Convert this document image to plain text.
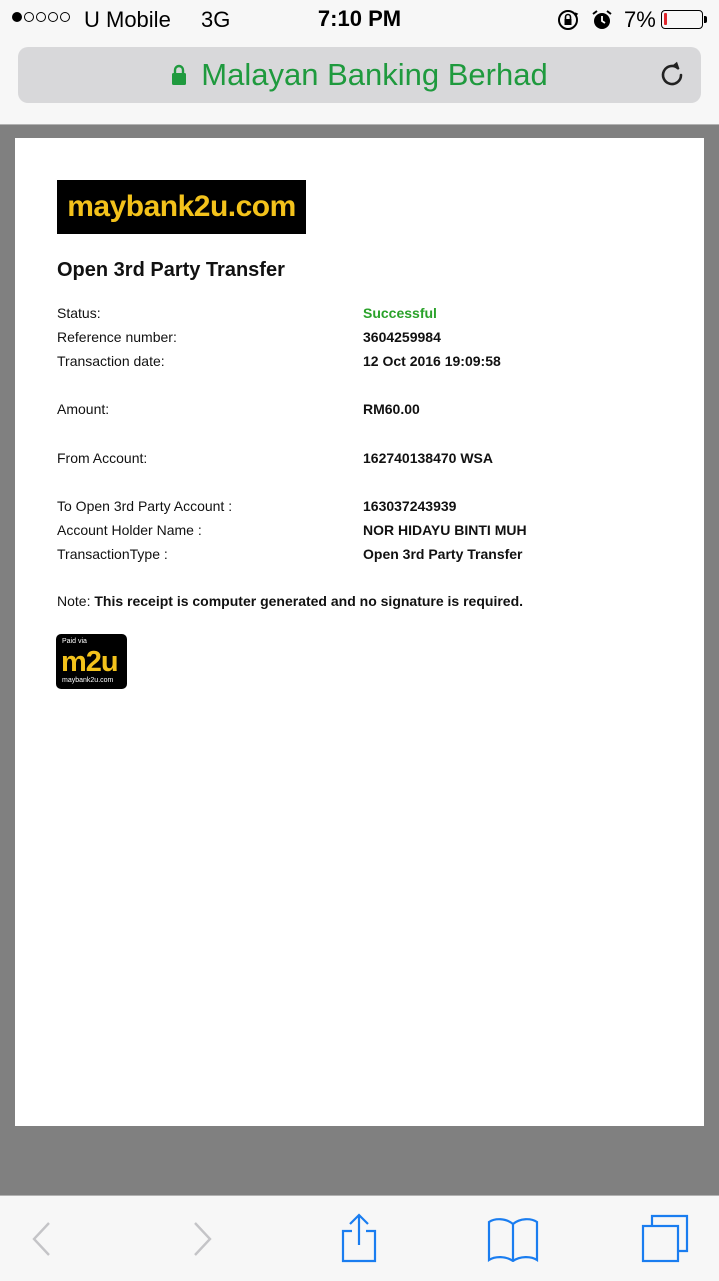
U Mobile 3G	7:10 PM	7%
Malayan Banking Berhad
maybank2u.com
Open 3rd Party Transfer
Status:	Successful
Reference number:	3604259984
Transaction date:	12 Oct 2016 19:09:58
Amount:	RM60.00
From Account:	162740138470 WSA
To Open 3rd Party Account :	163037243939
Account Holder Name :	NOR HIDAYU BINTI MUH
TransactionType :	Open 3rd Party Transfer
Note: This receipt is computer generated and no signature is required.
Paid via
m2u
maybank2u.com
